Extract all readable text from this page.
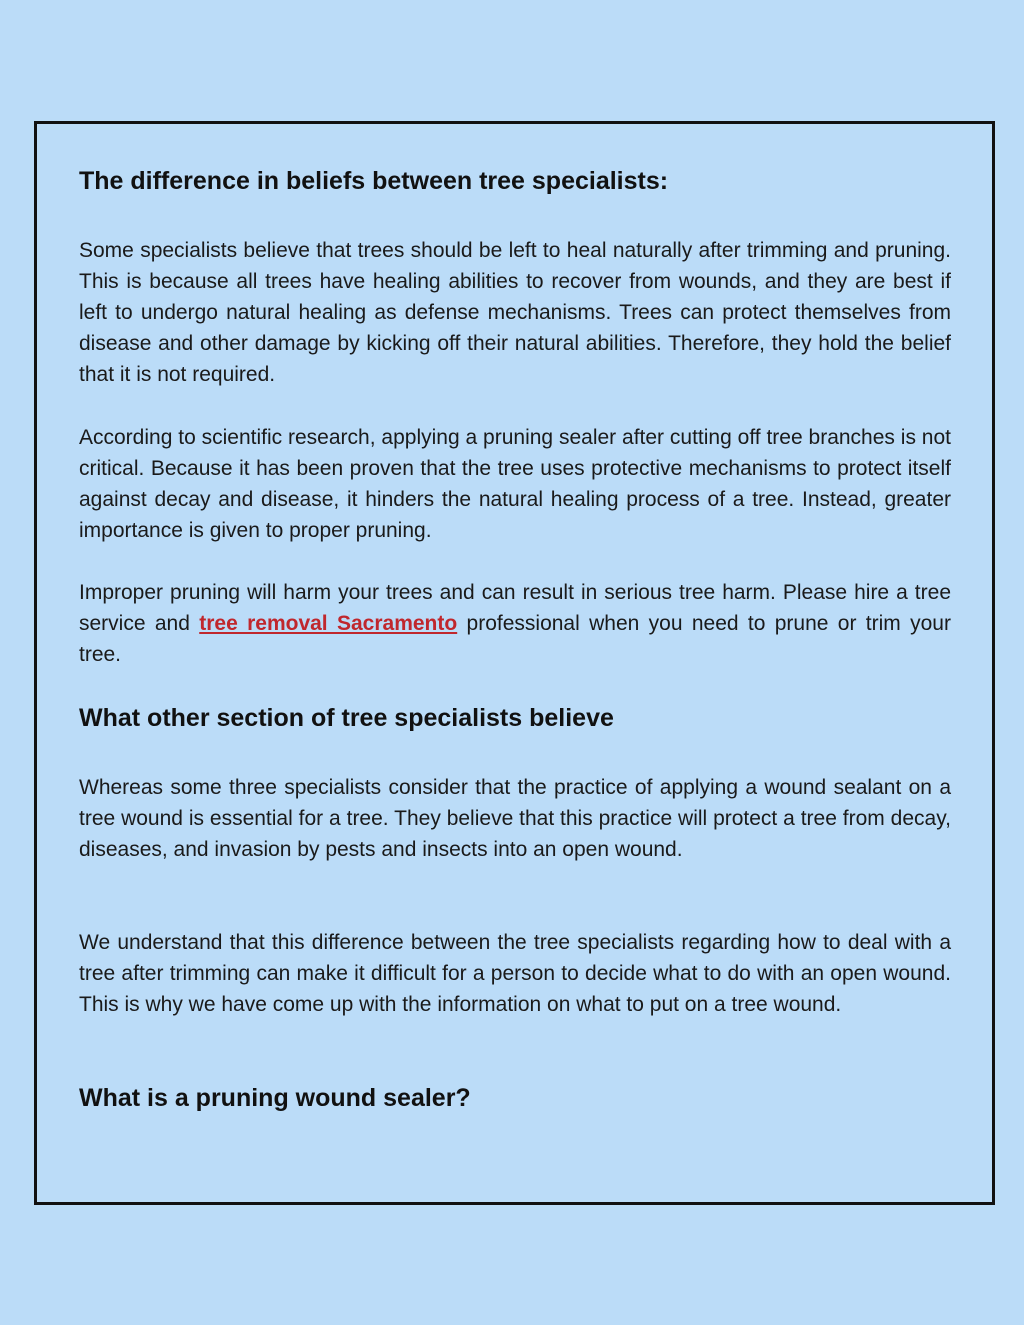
The difference in beliefs between tree specialists:

Some specialists believe that trees should be left to heal naturally after trimming and pruning. This is because all trees have healing abilities to recover from wounds, and they are best if left to undergo natural healing as defense mechanisms. Trees can protect themselves from disease and other damage by kicking off their natural abilities. Therefore, they hold the belief that it is not required.

According to scientific research, applying a pruning sealer after cutting off tree branches is not critical. Because it has been proven that the tree uses protective mechanisms to protect itself against decay and disease, it hinders the natural healing process of a tree. Instead, greater importance is given to proper pruning.

Improper pruning will harm your trees and can result in serious tree harm. Please hire a tree service and tree removal Sacramento professional when you need to prune or trim your tree.

What other section of tree specialists believe

Whereas some three specialists consider that the practice of applying a wound sealant on a tree wound is essential for a tree. They believe that this practice will protect a tree from decay, diseases, and invasion by pests and insects into an open wound.

We understand that this difference between the tree specialists regarding how to deal with a tree after trimming can make it difficult for a person to decide what to do with an open wound. This is why we have come up with the information on what to put on a tree wound.

What is a pruning wound sealer?
